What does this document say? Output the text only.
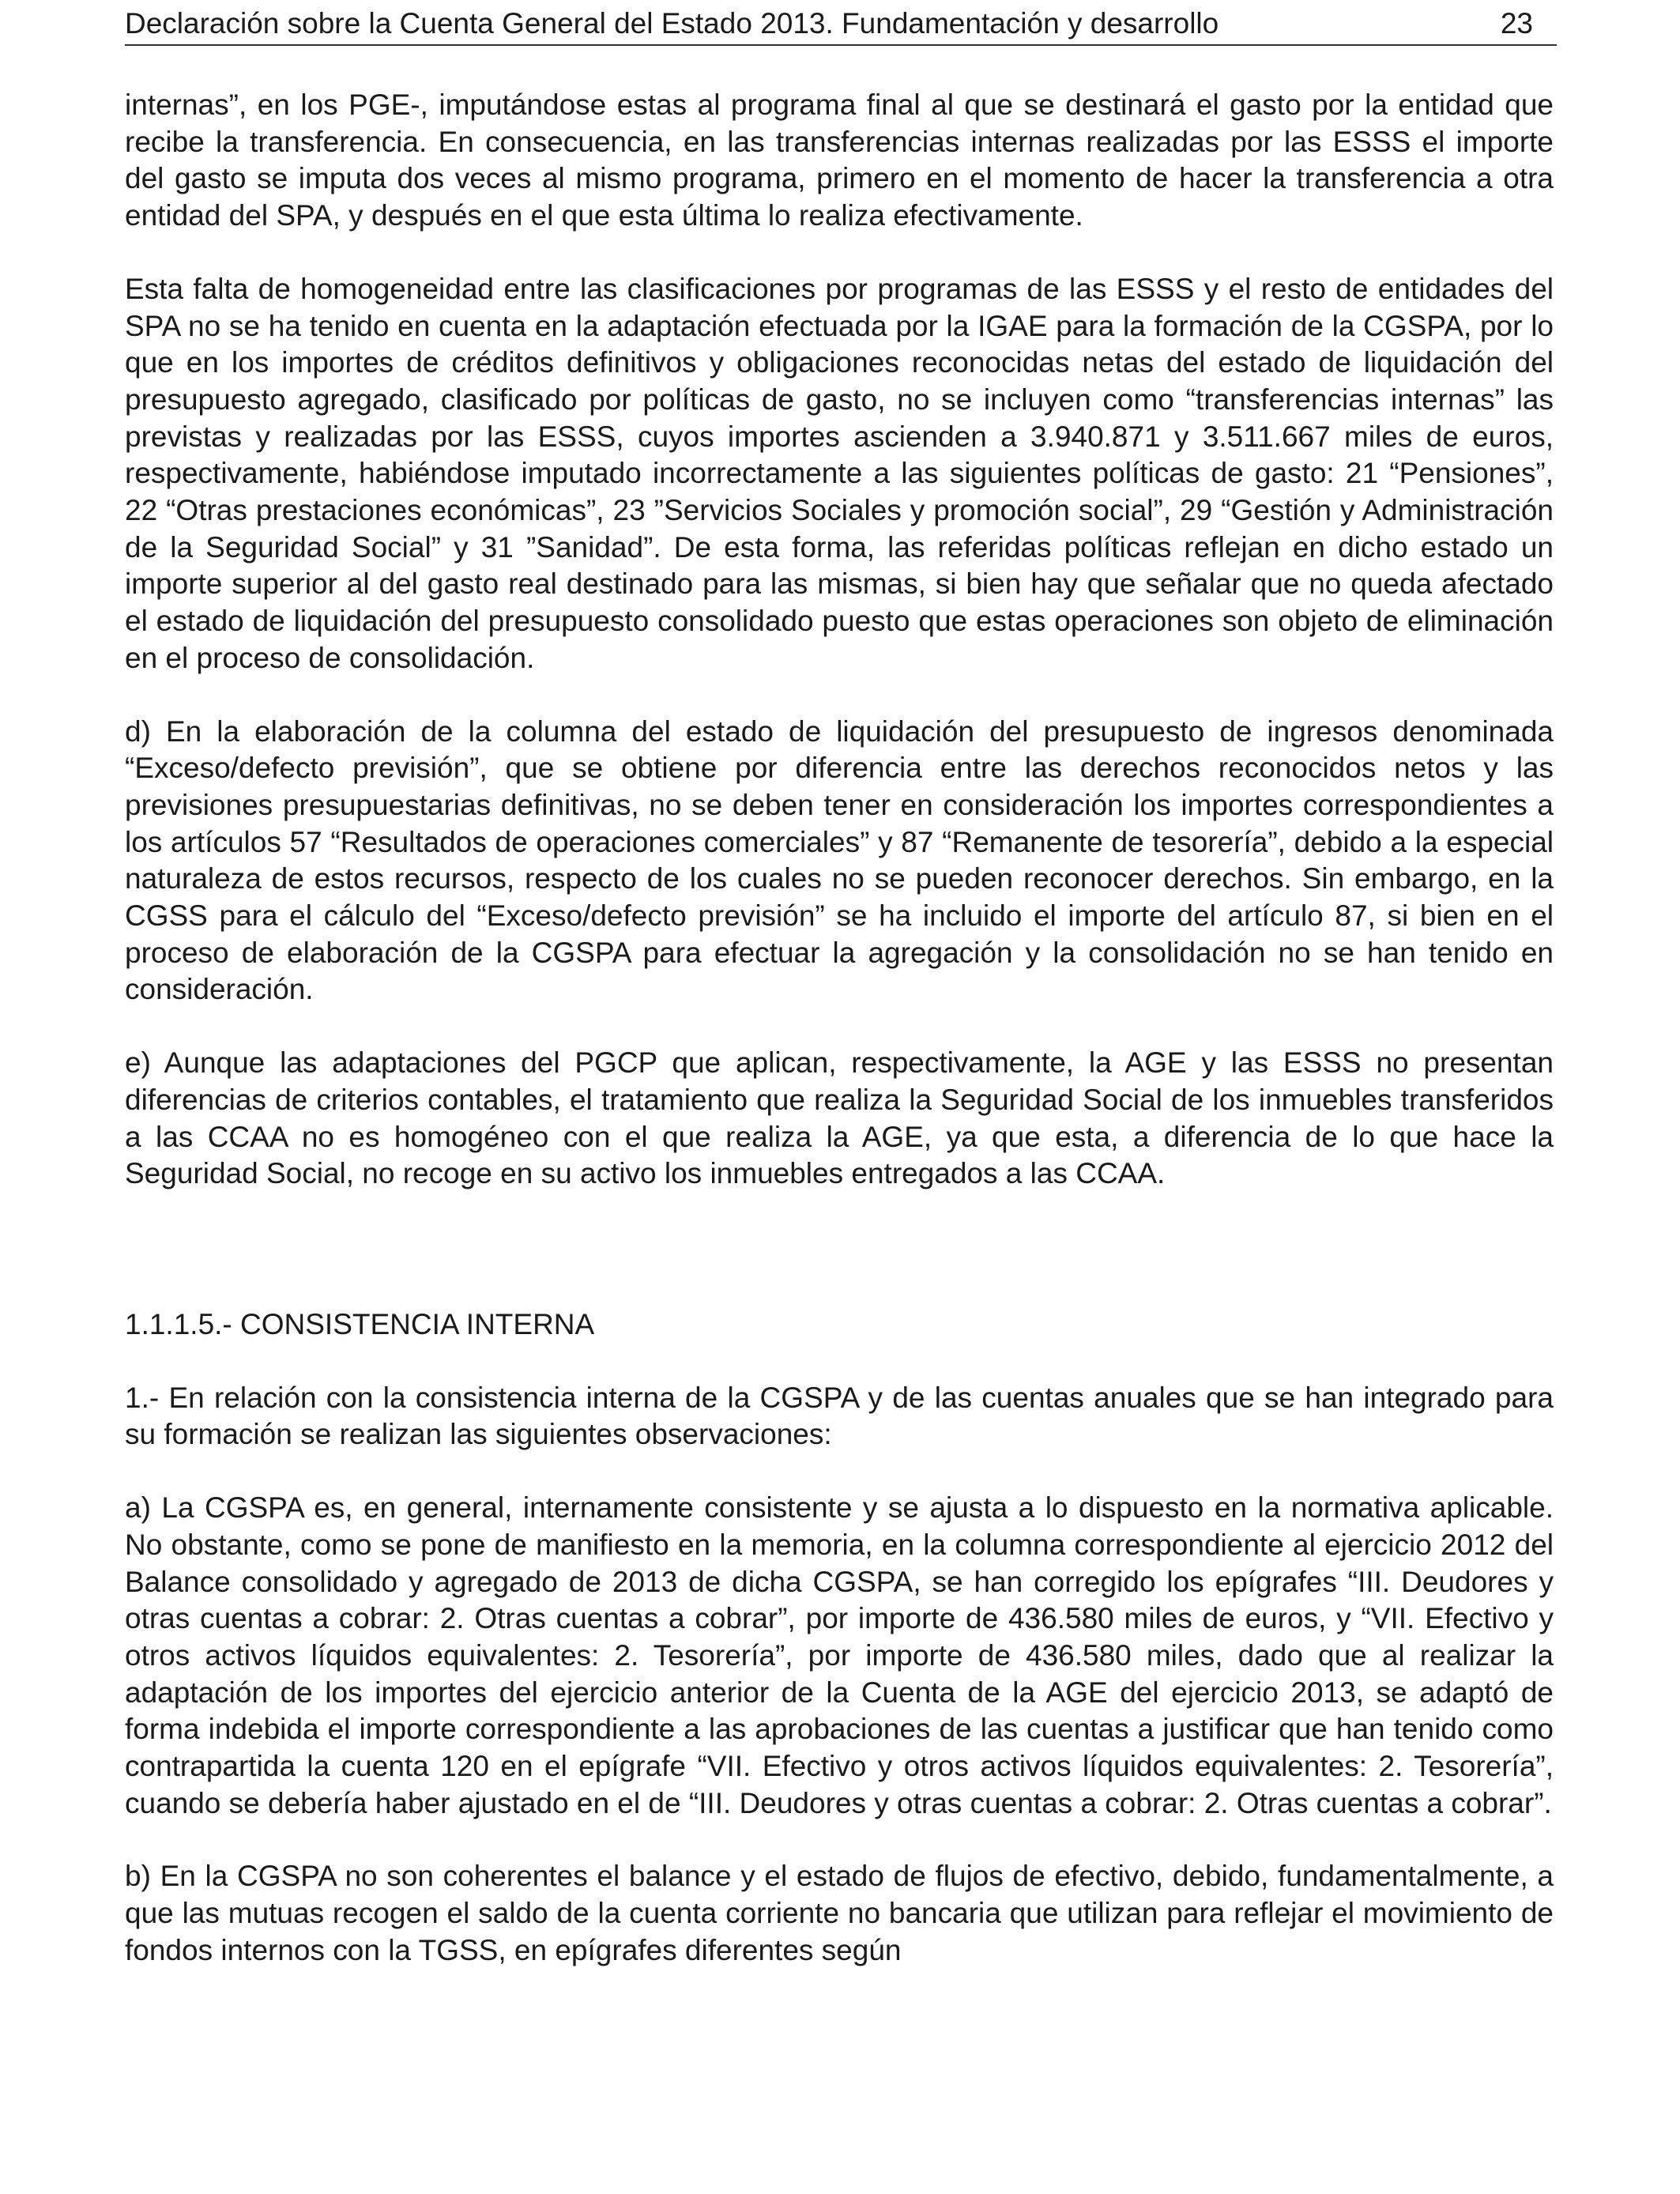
Declaración sobre la Cuenta General del Estado 2013. Fundamentación y desarrollo	23

internas”, en los PGE-, imputándose estas al programa final al que se destinará el gasto por la entidad que recibe la transferencia. En consecuencia, en las transferencias internas realizadas por las ESSS el importe del gasto se imputa dos veces al mismo programa, primero en el momento de hacer la transferencia a otra entidad del SPA, y después en el que esta última lo realiza efectivamente.

Esta falta de homogeneidad entre las clasificaciones por programas de las ESSS y el resto de entidades del SPA no se ha tenido en cuenta en la adaptación efectuada por la IGAE para la formación de la CGSPA, por lo que en los importes de créditos definitivos y obligaciones reconocidas netas del estado de liquidación del presupuesto agregado, clasificado por políticas de gasto, no se incluyen como “transferencias internas” las previstas y realizadas por las ESSS, cuyos importes ascienden a 3.940.871 y 3.511.667 miles de euros, respectivamente, habiéndose imputado incorrectamente a las siguientes políticas de gasto: 21 “Pensiones”, 22 “Otras prestaciones económicas”, 23 ”Servicios Sociales y promoción social”, 29 “Gestión y Administración de la Seguridad Social” y 31 ”Sanidad”. De esta forma, las referidas políticas reflejan en dicho estado un importe superior al del gasto real destinado para las mismas, si bien hay que señalar que no queda afectado el estado de liquidación del presupuesto consolidado puesto que estas operaciones son objeto de eliminación en el proceso de consolidación.

d) En la elaboración de la columna del estado de liquidación del presupuesto de ingresos denominada “Exceso/defecto previsión”, que se obtiene por diferencia entre las derechos reconocidos netos y las previsiones presupuestarias definitivas, no se deben tener en consideración los importes correspondientes a los artículos 57 “Resultados de operaciones comerciales” y 87 “Remanente de tesorería”, debido a la especial naturaleza de estos recursos, respecto de los cuales no se pueden reconocer derechos. Sin embargo, en la CGSS para el cálculo del “Exceso/defecto previsión” se ha incluido el importe del artículo 87, si bien en el proceso de elaboración de la CGSPA para efectuar la agregación y la consolidación no se han tenido en consideración.

e) Aunque las adaptaciones del PGCP que aplican, respectivamente, la AGE y las ESSS no presentan diferencias de criterios contables, el tratamiento que realiza la Seguridad Social de los inmuebles transferidos a las CCAA no es homogéneo con el que realiza la AGE, ya que esta, a diferencia de lo que hace la Seguridad Social, no recoge en su activo los inmuebles entregados a las CCAA.

1.1.1.5.- CONSISTENCIA INTERNA

1.- En relación con la consistencia interna de la CGSPA y de las cuentas anuales que se han integrado para su formación se realizan las siguientes observaciones:

a) La CGSPA es, en general, internamente consistente y se ajusta a lo dispuesto en la normativa aplicable. No obstante, como se pone de manifiesto en la memoria, en la columna correspondiente al ejercicio 2012 del Balance consolidado y agregado de 2013 de dicha CGSPA, se han corregido los epígrafes “III. Deudores y otras cuentas a cobrar: 2. Otras cuentas a cobrar”, por importe de 436.580 miles de euros, y “VII. Efectivo y otros activos líquidos equivalentes: 2. Tesorería”, por importe de 436.580 miles, dado que al realizar la adaptación de los importes del ejercicio anterior de la Cuenta de la AGE del ejercicio 2013, se adaptó de forma indebida el importe correspondiente a las aprobaciones de las cuentas a justificar que han tenido como contrapartida la cuenta 120 en el epígrafe “VII. Efectivo y otros activos líquidos equivalentes: 2. Tesorería”, cuando se debería haber ajustado en el de “III. Deudores y otras cuentas a cobrar: 2. Otras cuentas a cobrar”.

b) En la CGSPA no son coherentes el balance y el estado de flujos de efectivo, debido, fundamentalmente, a que las mutuas recogen el saldo de la cuenta corriente no bancaria que utilizan para reflejar el movimiento de fondos internos con la TGSS, en epígrafes diferentes según
